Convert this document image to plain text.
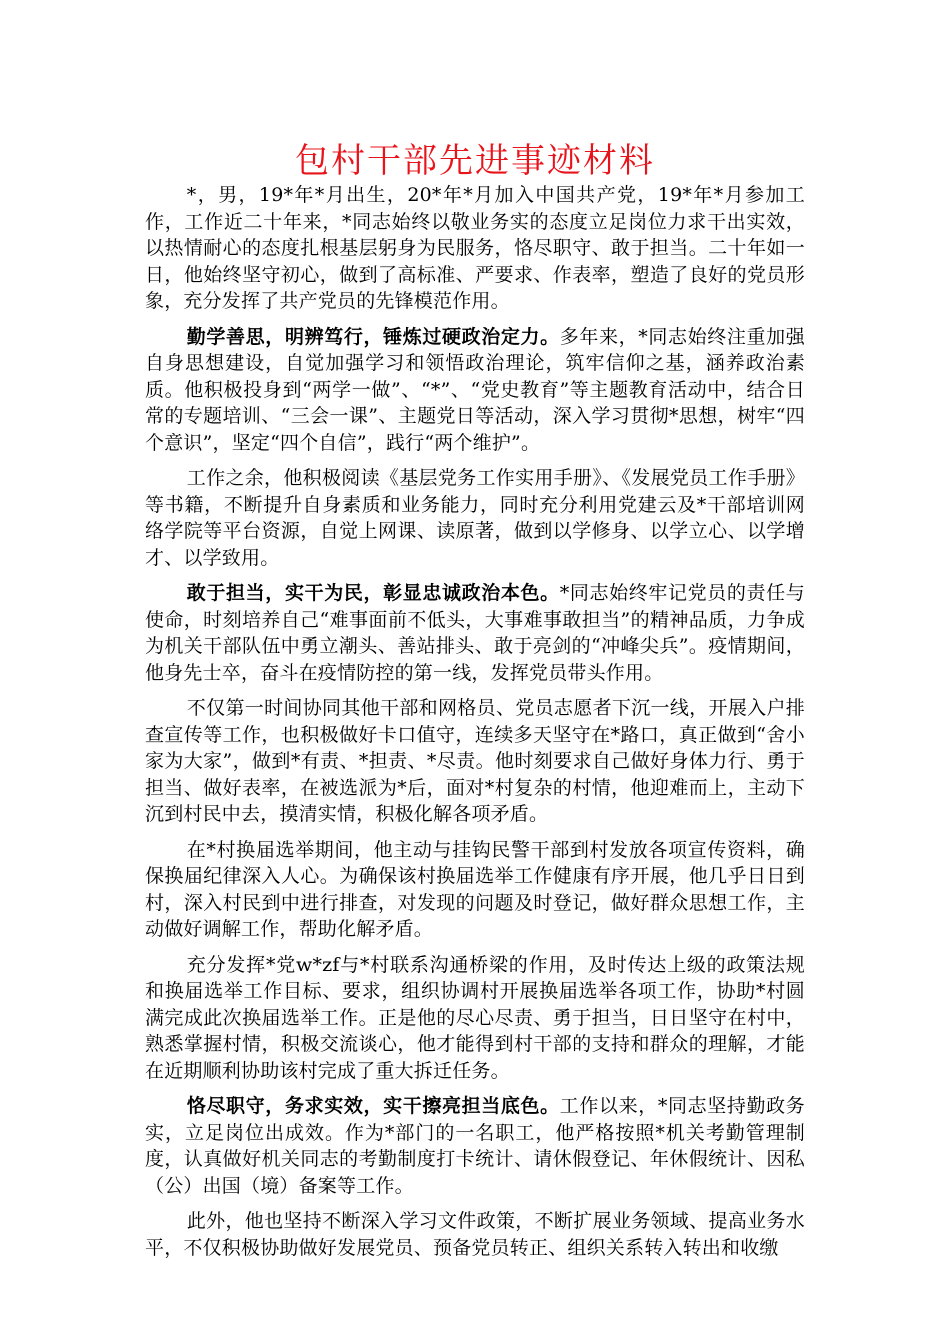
包村干部先进事迹材料

*，男，19*年*月出生，20*年*月加入中国共产党，19*年*月参加工作，工作近二十年来，*同志始终以敬业务实的态度立足岗位力求干出实效，以热情耐心的态度扎根基层躬身为民服务，恪尽职守、敢于担当。二十年如一日，他始终坚守初心，做到了高标准、严要求、作表率，塑造了良好的党员形象，充分发挥了共产党员的先锋模范作用。

勤学善思，明辨笃行，锤炼过硬政治定力。多年来，*同志始终注重加强自身思想建设，自觉加强学习和领悟政治理论，筑牢信仰之基，涵养政治素质。他积极投身到“两学一做”、“*”、“党史教育”等主题教育活动中，结合日常的专题培训、“三会一课”、主题党日等活动，深入学习贯彻*思想，树牢“四个意识”，坚定“四个自信”，践行“两个维护”。

工作之余，他积极阅读《基层党务工作实用手册》、《发展党员工作手册》等书籍，不断提升自身素质和业务能力，同时充分利用党建云及*干部培训网络学院等平台资源，自觉上网课、读原著，做到以学修身、以学立心、以学增才、以学致用。

敢于担当，实干为民，彰显忠诚政治本色。*同志始终牢记党员的责任与使命，时刻培养自己“难事面前不低头，大事难事敢担当”的精神品质，力争成为机关干部队伍中勇立潮头、善站排头、敢于亮剑的“冲峰尖兵”。疫情期间，他身先士卒，奋斗在疫情防控的第一线，发挥党员带头作用。

不仅第一时间协同其他干部和网格员、党员志愿者下沉一线，开展入户排查宣传等工作，也积极做好卡口值守，连续多天坚守在*路口，真正做到“舍小家为大家”，做到*有责、*担责、*尽责。他时刻要求自己做好身体力行、勇于担当、做好表率，在被选派为*后，面对*村复杂的村情，他迎难而上，主动下沉到村民中去，摸清实情，积极化解各项矛盾。

在*村换届选举期间，他主动与挂钩民警干部到村发放各项宣传资料，确保换届纪律深入人心。为确保该村换届选举工作健康有序开展，他几乎日日到村，深入村民到中进行排查，对发现的问题及时登记，做好群众思想工作，主动做好调解工作，帮助化解矛盾。

充分发挥*党w*zf与*村联系沟通桥梁的作用，及时传达上级的政策法规和换届选举工作目标、要求，组织协调村开展换届选举各项工作，协助*村圆满完成此次换届选举工作。正是他的尽心尽责、勇于担当，日日坚守在村中，熟悉掌握村情，积极交流谈心，他才能得到村干部的支持和群众的理解，才能在近期顺利协助该村完成了重大拆迁任务。

恪尽职守，务求实效，实干擦亮担当底色。工作以来，*同志坚持勤政务实，立足岗位出成效。作为*部门的一名职工，他严格按照*机关考勤管理制度，认真做好机关同志的考勤制度打卡统计、请休假登记、年休假统计、因私（公）出国（境）备案等工作。

此外，他也坚持不断深入学习文件政策，不断扩展业务领域、提高业务水平，不仅积极协助做好发展党员、预备党员转正、组织关系转入转出和收缴
